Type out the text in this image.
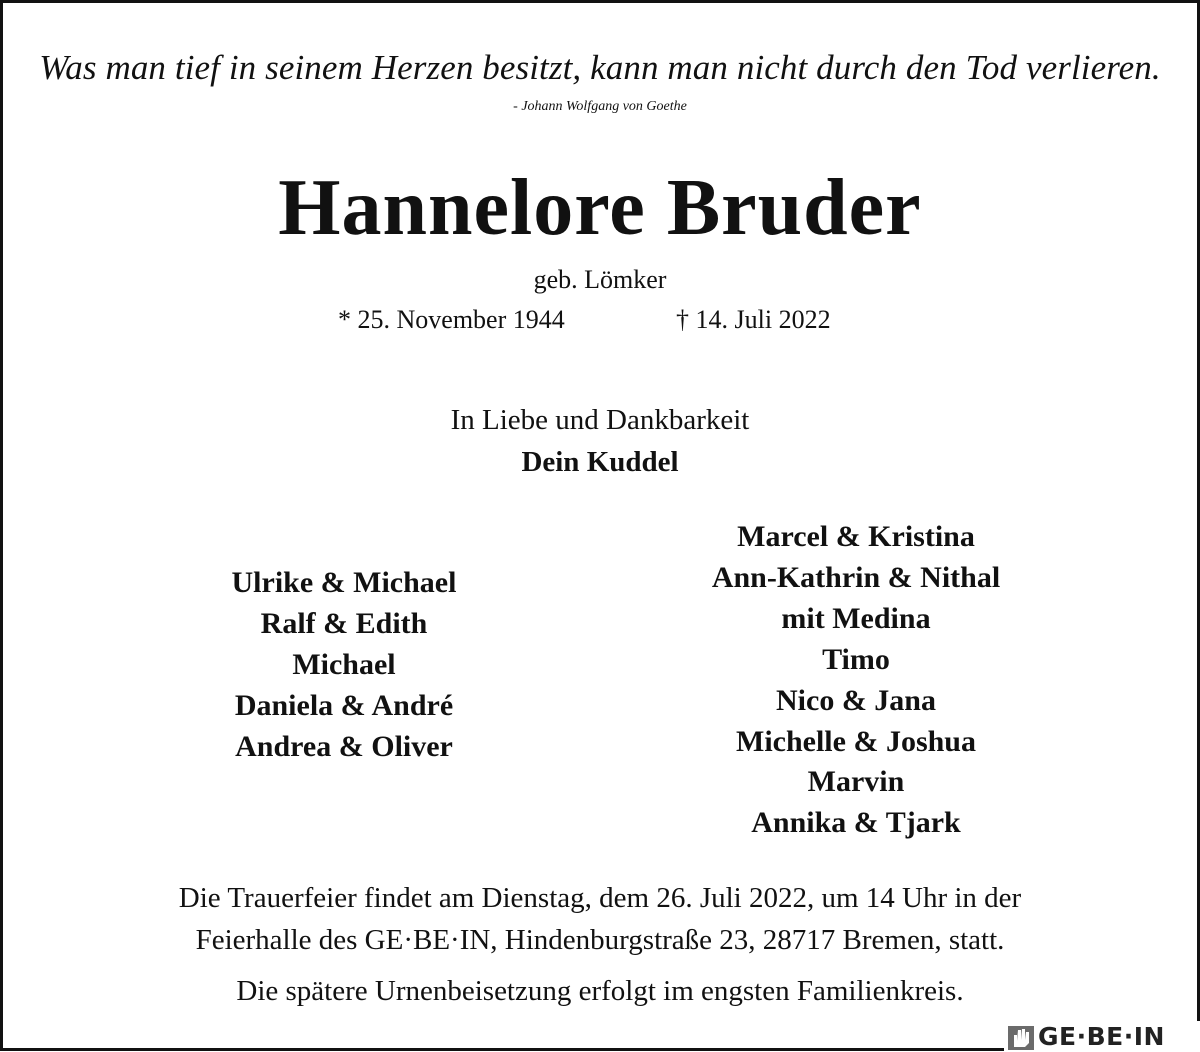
Was man tief in seinem Herzen besitzt, kann man nicht durch den Tod verlieren.
- Johann Wolfgang von Goethe
Hannelore Bruder
geb. Lömker
* 25. November 1944	† 14. Juli 2022
In Liebe und Dankbarkeit
Dein Kuddel
Ulrike & Michael
Ralf & Edith
Michael
Daniela & André
Andrea & Oliver
Marcel & Kristina
Ann-Kathrin & Nithal
mit Medina
Timo
Nico & Jana
Michelle & Joshua
Marvin
Annika & Tjark
Die Trauerfeier findet am Dienstag, dem 26. Juli 2022, um 14 Uhr in der
Feierhalle des GE·BE·IN, Hindenburgstraße 23, 28717 Bremen, statt.
Die spätere Urnenbeisetzung erfolgt im engsten Familienkreis.
GE·BE·IN
